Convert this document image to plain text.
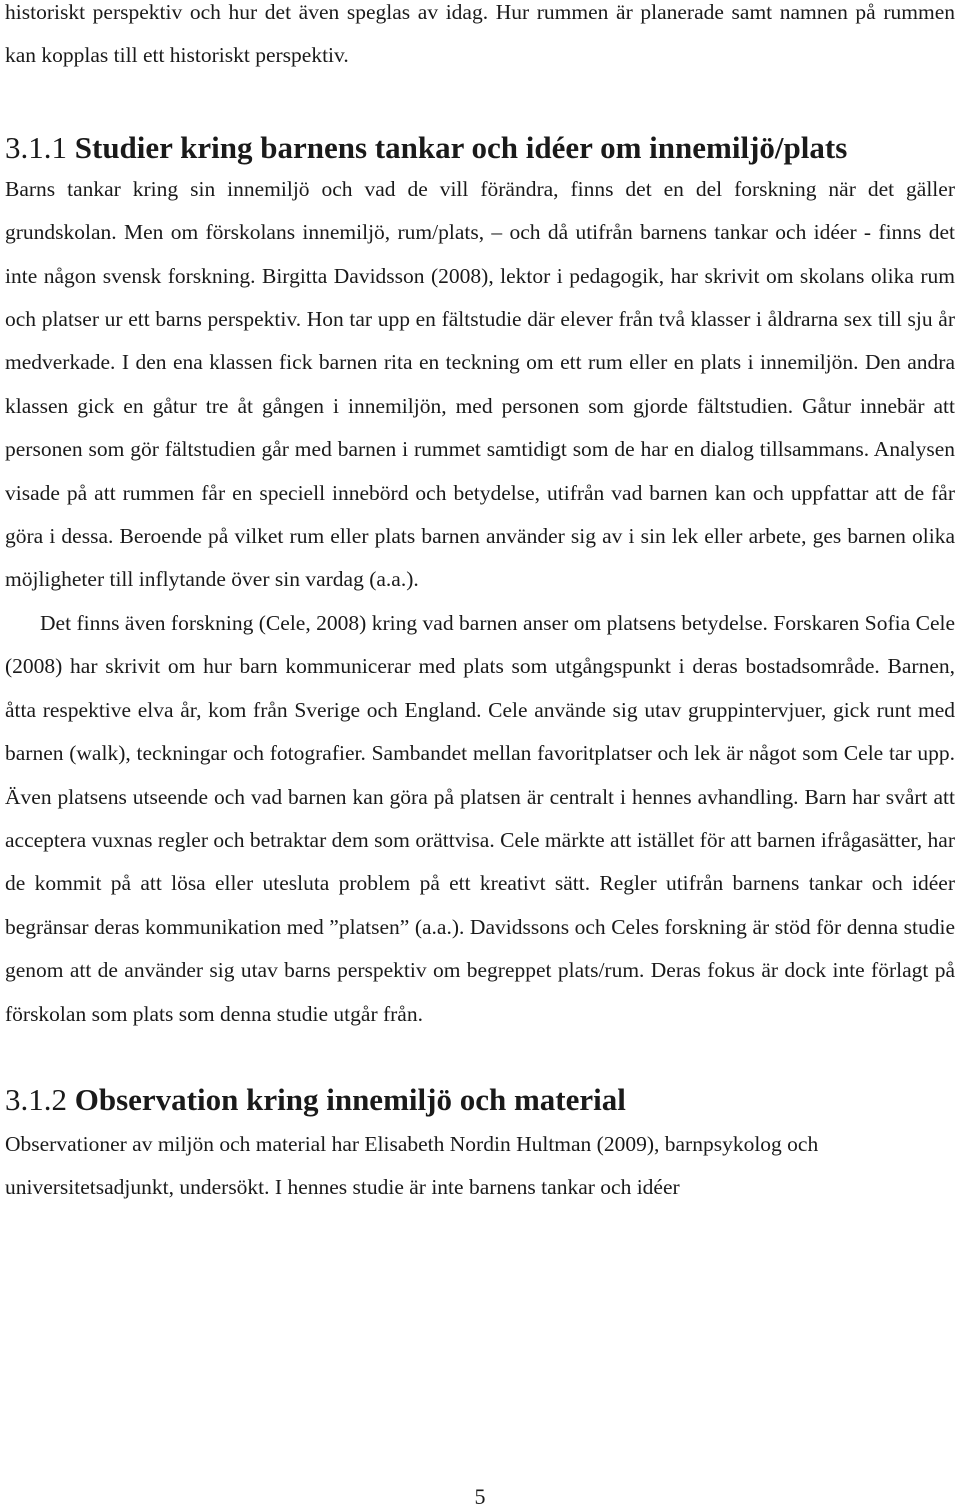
historiskt perspektiv och hur det även speglas av idag. Hur rummen är planerade samt namnen på rummen kan kopplas till ett historiskt perspektiv.

3.1.1 Studier kring barnens tankar och idéer om innemiljö/plats

Barns tankar kring sin innemiljö och vad de vill förändra, finns det en del forskning när det gäller grundskolan. Men om förskolans innemiljö, rum/plats, – och då utifrån barnens tankar och idéer - finns det inte någon svensk forskning. Birgitta Davidsson (2008), lektor i pedagogik, har skrivit om skolans olika rum och platser ur ett barns perspektiv. Hon tar upp en fältstudie där elever från två klasser i åldrarna sex till sju år medverkade. I den ena klassen fick barnen rita en teckning om ett rum eller en plats i innemiljön. Den andra klassen gick en gåtur tre åt gången i innemiljön, med personen som gjorde fältstudien. Gåtur innebär att personen som gör fältstudien går med barnen i rummet samtidigt som de har en dialog tillsammans. Analysen visade på att rummen får en speciell innebörd och betydelse, utifrån vad barnen kan och uppfattar att de får göra i dessa. Beroende på vilket rum eller plats barnen använder sig av i sin lek eller arbete, ges barnen olika möjligheter till inflytande över sin vardag (a.a.).

Det finns även forskning (Cele, 2008) kring vad barnen anser om platsens betydelse. Forskaren Sofia Cele (2008) har skrivit om hur barn kommunicerar med plats som utgångspunkt i deras bostadsområde. Barnen, åtta respektive elva år, kom från Sverige och England. Cele använde sig utav gruppintervjuer, gick runt med barnen (walk), teckningar och fotografier. Sambandet mellan favoritplatser och lek är något som Cele tar upp. Även platsens utseende och vad barnen kan göra på platsen är centralt i hennes avhandling. Barn har svårt att acceptera vuxnas regler och betraktar dem som orättvisa. Cele märkte att istället för att barnen ifrågasätter, har de kommit på att lösa eller utesluta problem på ett kreativt sätt. Regler utifrån barnens tankar och idéer begränsar deras kommunikation med ”platsen” (a.a.). Davidssons och Celes forskning är stöd för denna studie genom att de använder sig utav barns perspektiv om begreppet plats/rum. Deras fokus är dock inte förlagt på förskolan som plats som denna studie utgår från.

3.1.2 Observation kring innemiljö och material

Observationer av miljön och material har Elisabeth Nordin Hultman (2009), barnpsykolog och universitetsadjunkt, undersökt. I hennes studie är inte barnens tankar och idéer

5
